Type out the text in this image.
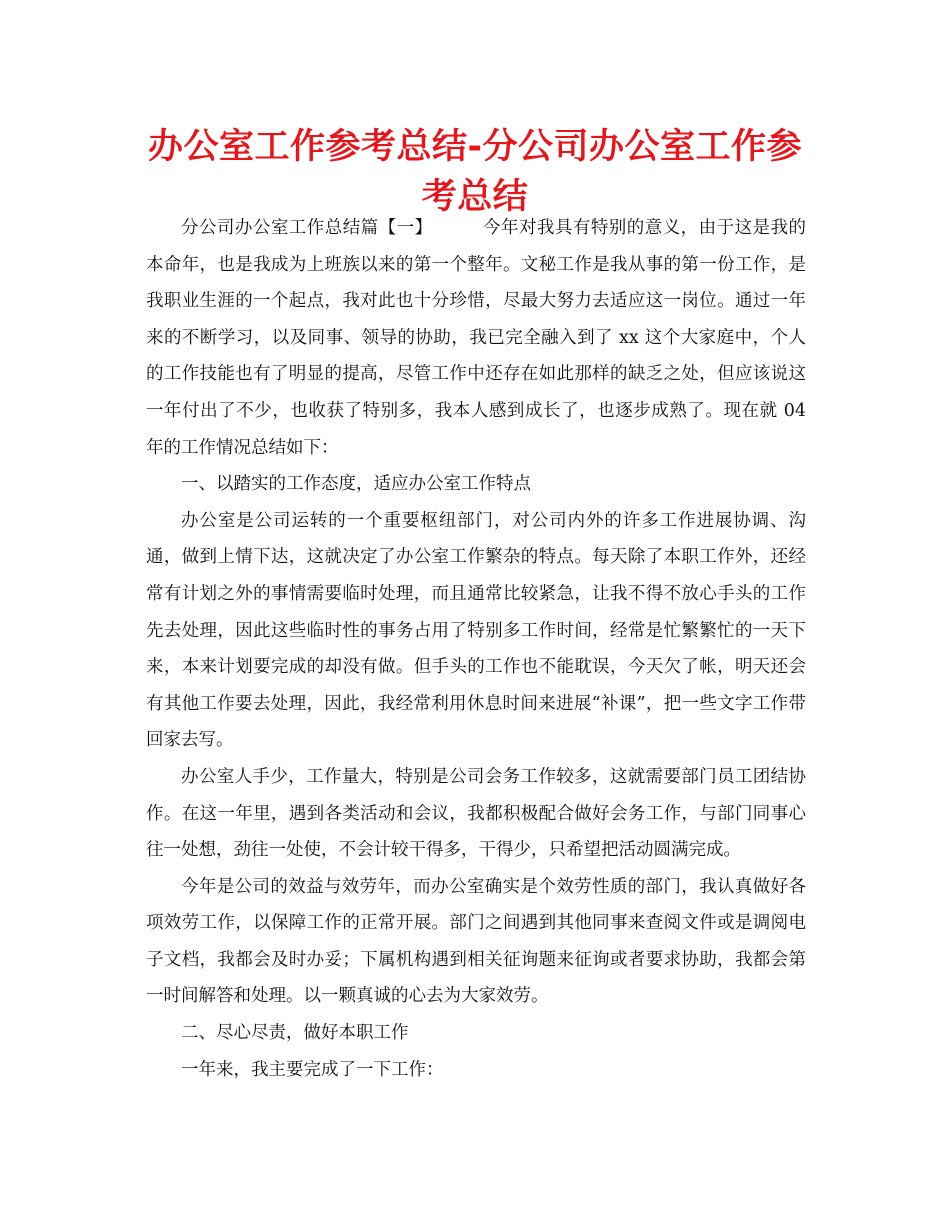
办公室工作参考总结-分公司办公室工作参考总结

分公司办公室工作总结篇【一】	今年对我具有特别的意义，由于这是我的本命年，也是我成为上班族以来的第一个整年。文秘工作是我从事的第一份工作，是我职业生涯的一个起点，我对此也十分珍惜，尽最大努力去适应这一岗位。通过一年来的不断学习，以及同事、领导的协助，我已完全融入到了 xx 这个大家庭中，个人的工作技能也有了明显的提高，尽管工作中还存在如此那样的缺乏之处，但应该说这一年付出了不少，也收获了特别多，我本人感到成长了，也逐步成熟了。现在就 04 年的工作情况总结如下：

一、以踏实的工作态度，适应办公室工作特点

办公室是公司运转的一个重要枢纽部门，对公司内外的许多工作进展协调、沟通，做到上情下达，这就决定了办公室工作繁杂的特点。每天除了本职工作外，还经常有计划之外的事情需要临时处理，而且通常比较紧急，让我不得不放心手头的工作先去处理，因此这些临时性的事务占用了特别多工作时间，经常是忙繁繁忙的一天下来，本来计划要完成的却没有做。但手头的工作也不能耽误，今天欠了帐，明天还会有其他工作要去处理，因此，我经常利用休息时间来进展“补课”，把一些文字工作带回家去写。

办公室人手少，工作量大，特别是公司会务工作较多，这就需要部门员工团结协作。在这一年里，遇到各类活动和会议，我都积极配合做好会务工作，与部门同事心往一处想，劲往一处使，不会计较干得多，干得少，只希望把活动圆满完成。

今年是公司的效益与效劳年，而办公室确实是个效劳性质的部门，我认真做好各项效劳工作，以保障工作的正常开展。部门之间遇到其他同事来查阅文件或是调阅电子文档，我都会及时办妥；下属机构遇到相关征询题来征询或者要求协助，我都会第一时间解答和处理。以一颗真诚的心去为大家效劳。

二、尽心尽责，做好本职工作

一年来，我主要完成了一下工作：
